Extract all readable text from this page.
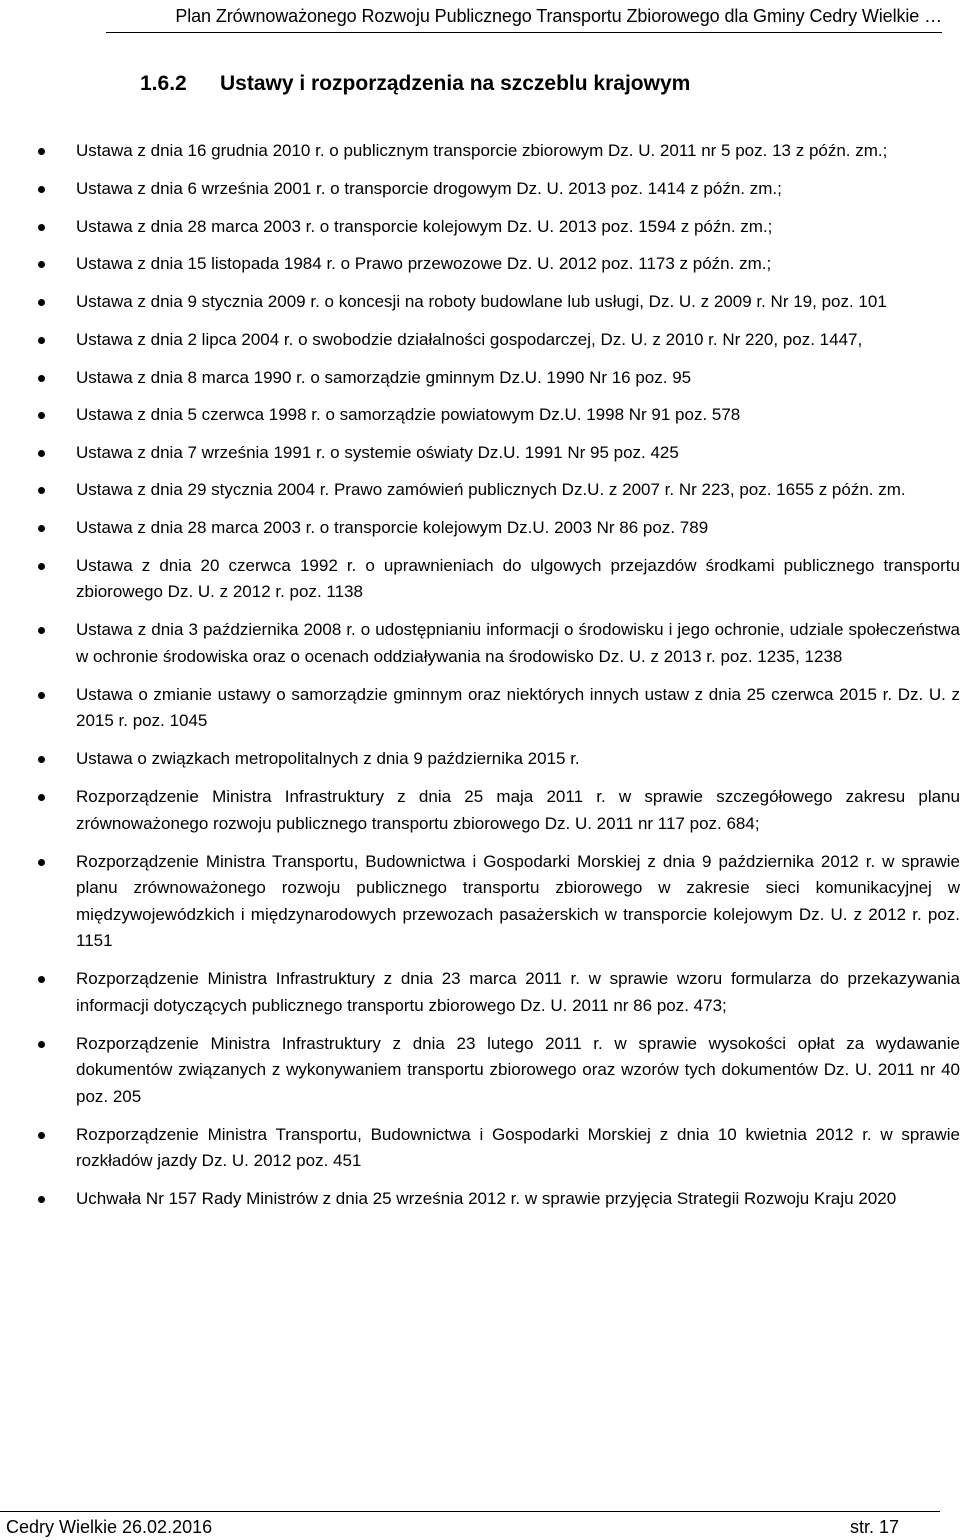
Plan Zrównoważonego Rozwoju Publicznego Transportu Zbiorowego dla Gminy Cedry Wielkie …
1.6.2 Ustawy i rozporządzenia na szczeblu krajowym
Ustawa z dnia 16 grudnia 2010 r. o publicznym transporcie zbiorowym Dz. U. 2011 nr 5 poz. 13 z późn. zm.;
Ustawa z dnia 6 września 2001 r. o transporcie drogowym Dz. U. 2013 poz. 1414 z późn. zm.;
Ustawa z dnia 28 marca 2003 r. o transporcie kolejowym Dz. U. 2013 poz. 1594 z późn. zm.;
Ustawa z dnia 15 listopada 1984 r. o Prawo przewozowe Dz. U. 2012 poz. 1173 z późn. zm.;
Ustawa z dnia 9 stycznia 2009 r. o koncesji na roboty budowlane lub usługi, Dz. U. z 2009 r. Nr 19, poz. 101
Ustawa z dnia 2 lipca 2004 r. o swobodzie działalności gospodarczej, Dz. U. z 2010 r. Nr 220, poz. 1447,
Ustawa z dnia 8 marca 1990 r. o samorządzie gminnym Dz.U. 1990 Nr 16 poz. 95
Ustawa z dnia 5 czerwca 1998 r. o samorządzie powiatowym Dz.U. 1998 Nr 91 poz. 578
Ustawa z dnia 7 września 1991 r. o systemie oświaty Dz.U. 1991 Nr 95 poz. 425
Ustawa z dnia 29 stycznia 2004 r. Prawo zamówień publicznych Dz.U. z 2007 r. Nr 223, poz. 1655 z późn. zm.
Ustawa z dnia 28 marca 2003 r. o transporcie kolejowym Dz.U. 2003 Nr 86 poz. 789
Ustawa z dnia 20 czerwca 1992 r. o uprawnieniach do ulgowych przejazdów środkami publicznego transportu zbiorowego Dz. U. z 2012 r. poz. 1138
Ustawa z dnia 3 października 2008 r. o udostępnianiu informacji o środowisku i jego ochronie, udziale społeczeństwa w ochronie środowiska oraz o ocenach oddziaływania na środowisko Dz. U. z 2013 r. poz. 1235, 1238
Ustawa o zmianie ustawy o samorządzie gminnym oraz niektórych innych ustaw z dnia 25 czerwca 2015 r. Dz. U. z 2015 r. poz. 1045
Ustawa o związkach metropolitalnych z dnia 9 października 2015 r.
Rozporządzenie Ministra Infrastruktury z dnia 25 maja 2011 r. w sprawie szczegółowego zakresu planu zrównoważonego rozwoju publicznego transportu zbiorowego Dz. U. 2011 nr 117 poz. 684;
Rozporządzenie Ministra Transportu, Budownictwa i Gospodarki Morskiej z dnia 9 października 2012 r. w sprawie planu zrównoważonego rozwoju publicznego transportu zbiorowego w zakresie sieci komunikacyjnej w międzywojewódzkich i międzynarodowych przewozach pasażerskich w transporcie kolejowym Dz. U. z 2012 r. poz. 1151
Rozporządzenie Ministra Infrastruktury z dnia 23 marca 2011 r. w sprawie wzoru formularza do przekazywania informacji dotyczących publicznego transportu zbiorowego Dz. U. 2011 nr 86 poz. 473;
Rozporządzenie Ministra Infrastruktury z dnia 23 lutego 2011 r. w sprawie wysokości opłat za wydawanie dokumentów związanych z wykonywaniem transportu zbiorowego oraz wzorów tych dokumentów Dz. U. 2011 nr 40 poz. 205
Rozporządzenie Ministra Transportu, Budownictwa i Gospodarki Morskiej z dnia 10 kwietnia 2012 r. w sprawie rozkładów jazdy Dz. U. 2012 poz. 451
Uchwała Nr 157 Rady Ministrów z dnia 25 września 2012 r. w sprawie przyjęcia Strategii Rozwoju Kraju 2020
Cedry Wielkie 26.02.2016	str. 17
